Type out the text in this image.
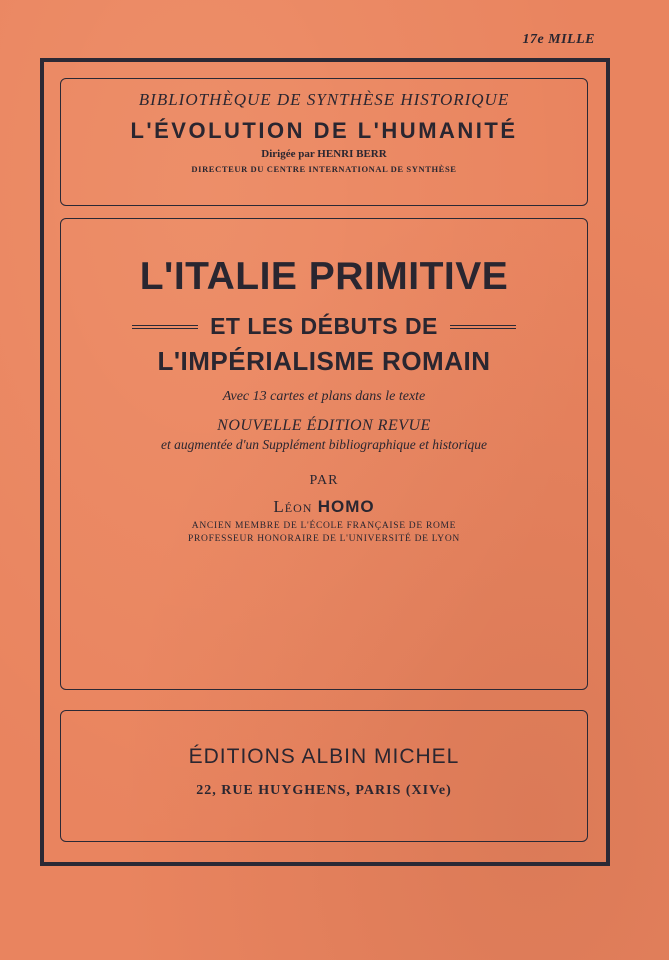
17e MILLE
BIBLIOTHÈQUE DE SYNTHÈSE HISTORIQUE
L'ÉVOLUTION DE L'HUMANITÉ
Dirigée par HENRI BERR
DIRECTEUR DU CENTRE INTERNATIONAL DE SYNTHÈSE
L'ITALIE PRIMITIVE
ET LES DÉBUTS DE
L'IMPÉRIALISME ROMAIN
Avec 13 cartes et plans dans le texte
NOUVELLE ÉDITION REVUE
et augmentée d'un Supplément bibliographique et historique
PAR
Léon HOMO
ANCIEN MEMBRE DE L'ÉCOLE FRANÇAISE DE ROME
PROFESSEUR HONORAIRE DE L'UNIVERSITÉ DE LYON
ÉDITIONS ALBIN MICHEL
22, RUE HUYGHENS, PARIS (XIVe)
